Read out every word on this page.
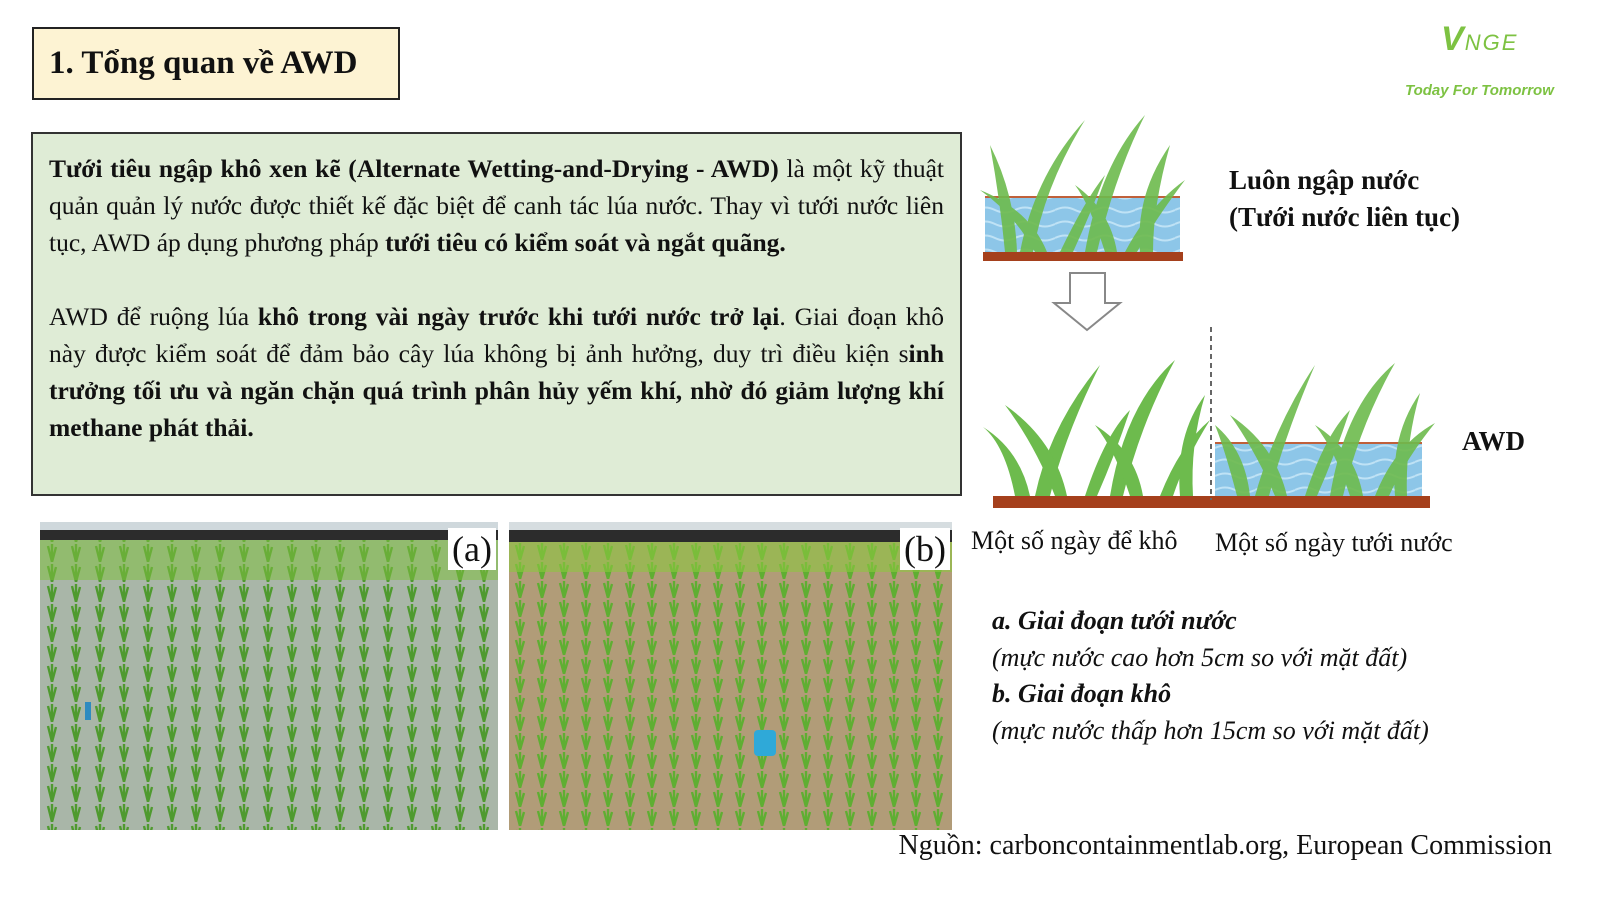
1. Tổng quan về AWD
VNGE
Today For Tomorrow

Tưới tiêu ngập khô xen kẽ (Alternate Wetting-and-Drying - AWD) là một kỹ thuật quản quản lý nước được thiết kế đặc biệt để canh tác lúa nước. Thay vì tưới nước liên tục, AWD áp dụng phương pháp tưới tiêu có kiểm soát và ngắt quãng.

AWD để ruộng lúa khô trong vài ngày trước khi tưới nước trở lại. Giai đoạn khô này được kiểm soát để đảm bảo cây lúa không bị ảnh hưởng, duy trì điều kiện sinh trưởng tối ưu và ngăn chặn quá trình phân hủy yếm khí, nhờ đó giảm lượng khí methane phát thải.

Luôn ngập nước
(Tưới nước liên tục)
AWD
Một số ngày để khô Một số ngày tưới nước
(a)	(b)
a. Giai đoạn tưới nước
(mực nước cao hơn 5cm so với mặt đất)
b. Giai đoạn khô
(mực nước thấp hơn 15cm so với mặt đất)
Nguồn: carboncontainmentlab.org, European Commission
